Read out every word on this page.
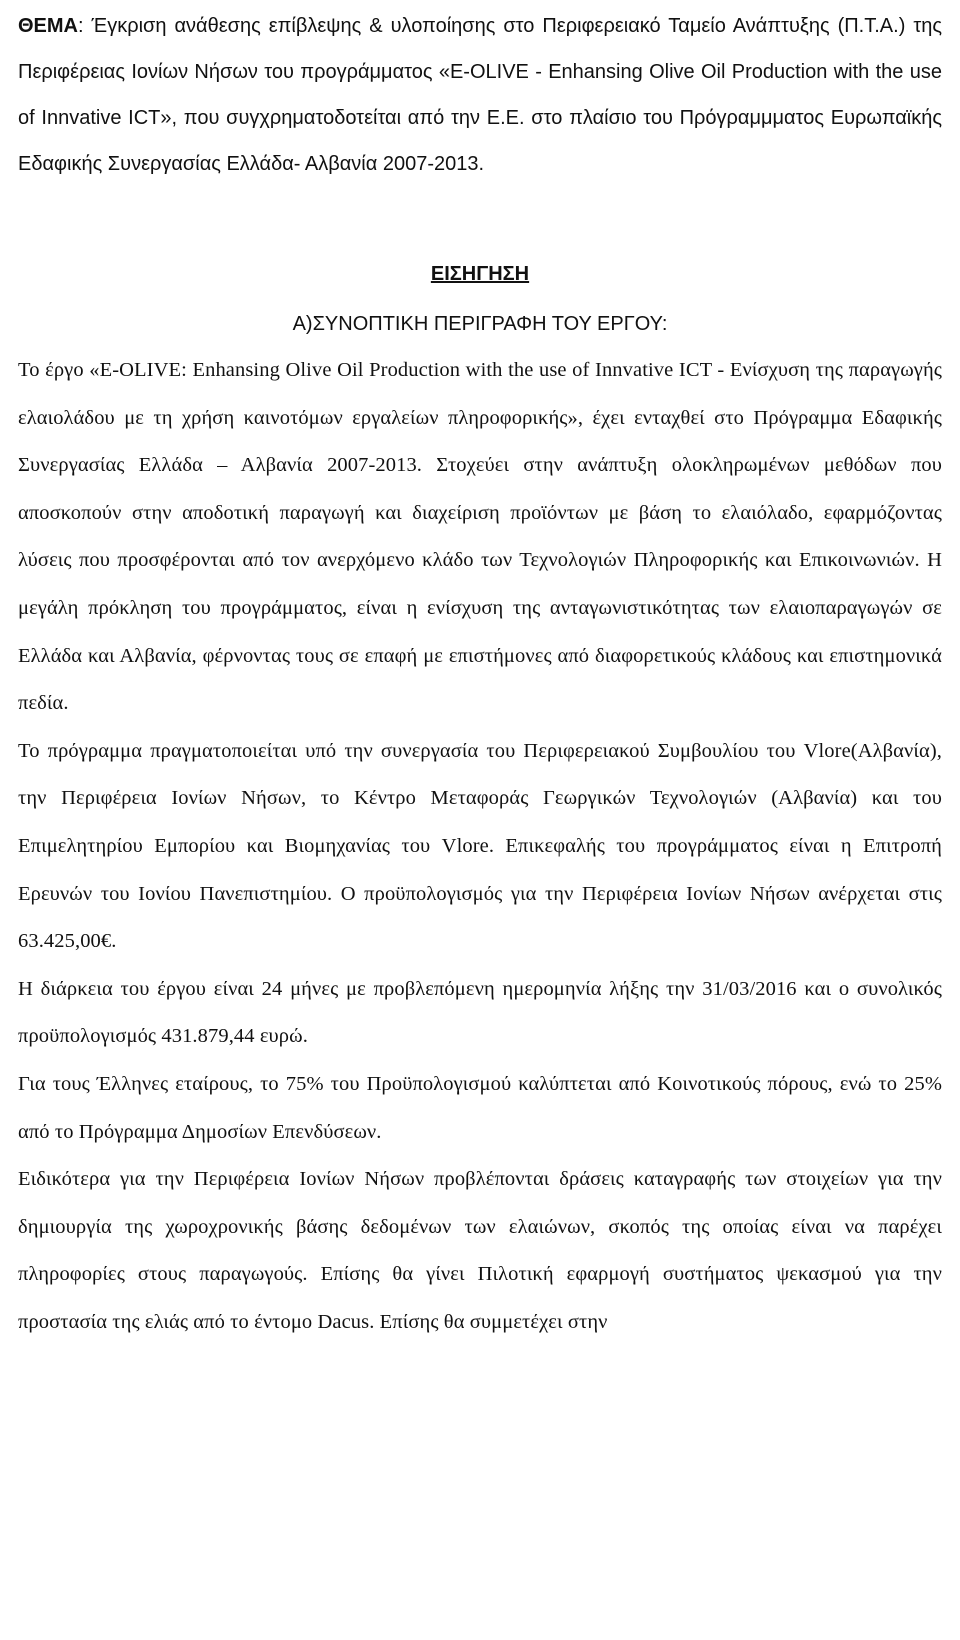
ΘΕΜΑ: Έγκριση ανάθεσης επίβλεψης & υλοποίησης στο Περιφερειακό Ταμείο Ανάπτυξης (Π.Τ.Α.) της Περιφέρειας Ιονίων Νήσων του προγράμματος «E-OLIVE - Enhansing Olive Oil Production with the use of Innvative ICT», που συγχρηματοδοτείται από την Ε.Ε. στο πλαίσιο του Πρόγραμμματος Ευρωπαϊκής Εδαφικής Συνεργασίας Ελλάδα- Αλβανία 2007-2013.

ΕΙΣΗΓΗΣΗ
Α)ΣΥΝΟΠΤΙΚΗ ΠΕΡΙΓΡΑΦΗ ΤΟΥ ΕΡΓΟΥ:

Το έργο «E-OLIVE: Enhansing Olive Oil Production with the use of Innvative ICT - Ενίσχυση της παραγωγής ελαιολάδου με τη χρήση καινοτόμων εργαλείων πληροφορικής», έχει ενταχθεί στο Πρόγραμμα Εδαφικής Συνεργασίας Ελλάδα – Αλβανία 2007-2013. Στοχεύει στην ανάπτυξη ολοκληρωμένων μεθόδων που αποσκοπούν στην αποδοτική παραγωγή και διαχείριση προϊόντων με βάση το ελαιόλαδο, εφαρμόζοντας λύσεις που προσφέρονται από τον ανερχόμενο κλάδο των Τεχνολογιών Πληροφορικής και Επικοινωνιών. Η μεγάλη πρόκληση του προγράμματος, είναι η ενίσχυση της ανταγωνιστικότητας των ελαιοπαραγωγών σε Ελλάδα και Αλβανία, φέρνοντας τους σε επαφή με επιστήμονες από διαφορετικούς κλάδους και επιστημονικά πεδία.

Το πρόγραμμα πραγματοποιείται υπό την συνεργασία του Περιφερειακού Συμβουλίου του Vlore(Αλβανία), την Περιφέρεια Ιονίων Νήσων, το Κέντρο Μεταφοράς Γεωργικών Τεχνολογιών (Αλβανία) και του Επιμελητηρίου Εμπορίου και Βιομηχανίας του Vlore. Επικεφαλής του προγράμματος είναι η Επιτροπή Ερευνών του Ιονίου Πανεπιστημίου. Ο προϋπολογισμός για την Περιφέρεια Ιονίων Νήσων ανέρχεται στις 63.425,00€.

Η διάρκεια του έργου είναι 24 μήνες με προβλεπόμενη ημερομηνία λήξης την 31/03/2016 και ο συνολικός προϋπολογισμός 431.879,44 ευρώ.

Για τους Έλληνες εταίρους, το 75% του Προϋπολογισμού καλύπτεται από Κοινοτικούς πόρους, ενώ το 25% από το Πρόγραμμα Δημοσίων Επενδύσεων.

Ειδικότερα για την Περιφέρεια Ιονίων Νήσων προβλέπονται δράσεις καταγραφής των στοιχείων για την δημιουργία της χωροχρονικής βάσης δεδομένων των ελαιώνων, σκοπός της οποίας είναι να παρέχει πληροφορίες στους παραγωγούς. Επίσης θα γίνει Πιλοτική εφαρμογή συστήματος ψεκασμού για την προστασία της ελιάς από το έντομο Dacus. Επίσης θα συμμετέχει στην
